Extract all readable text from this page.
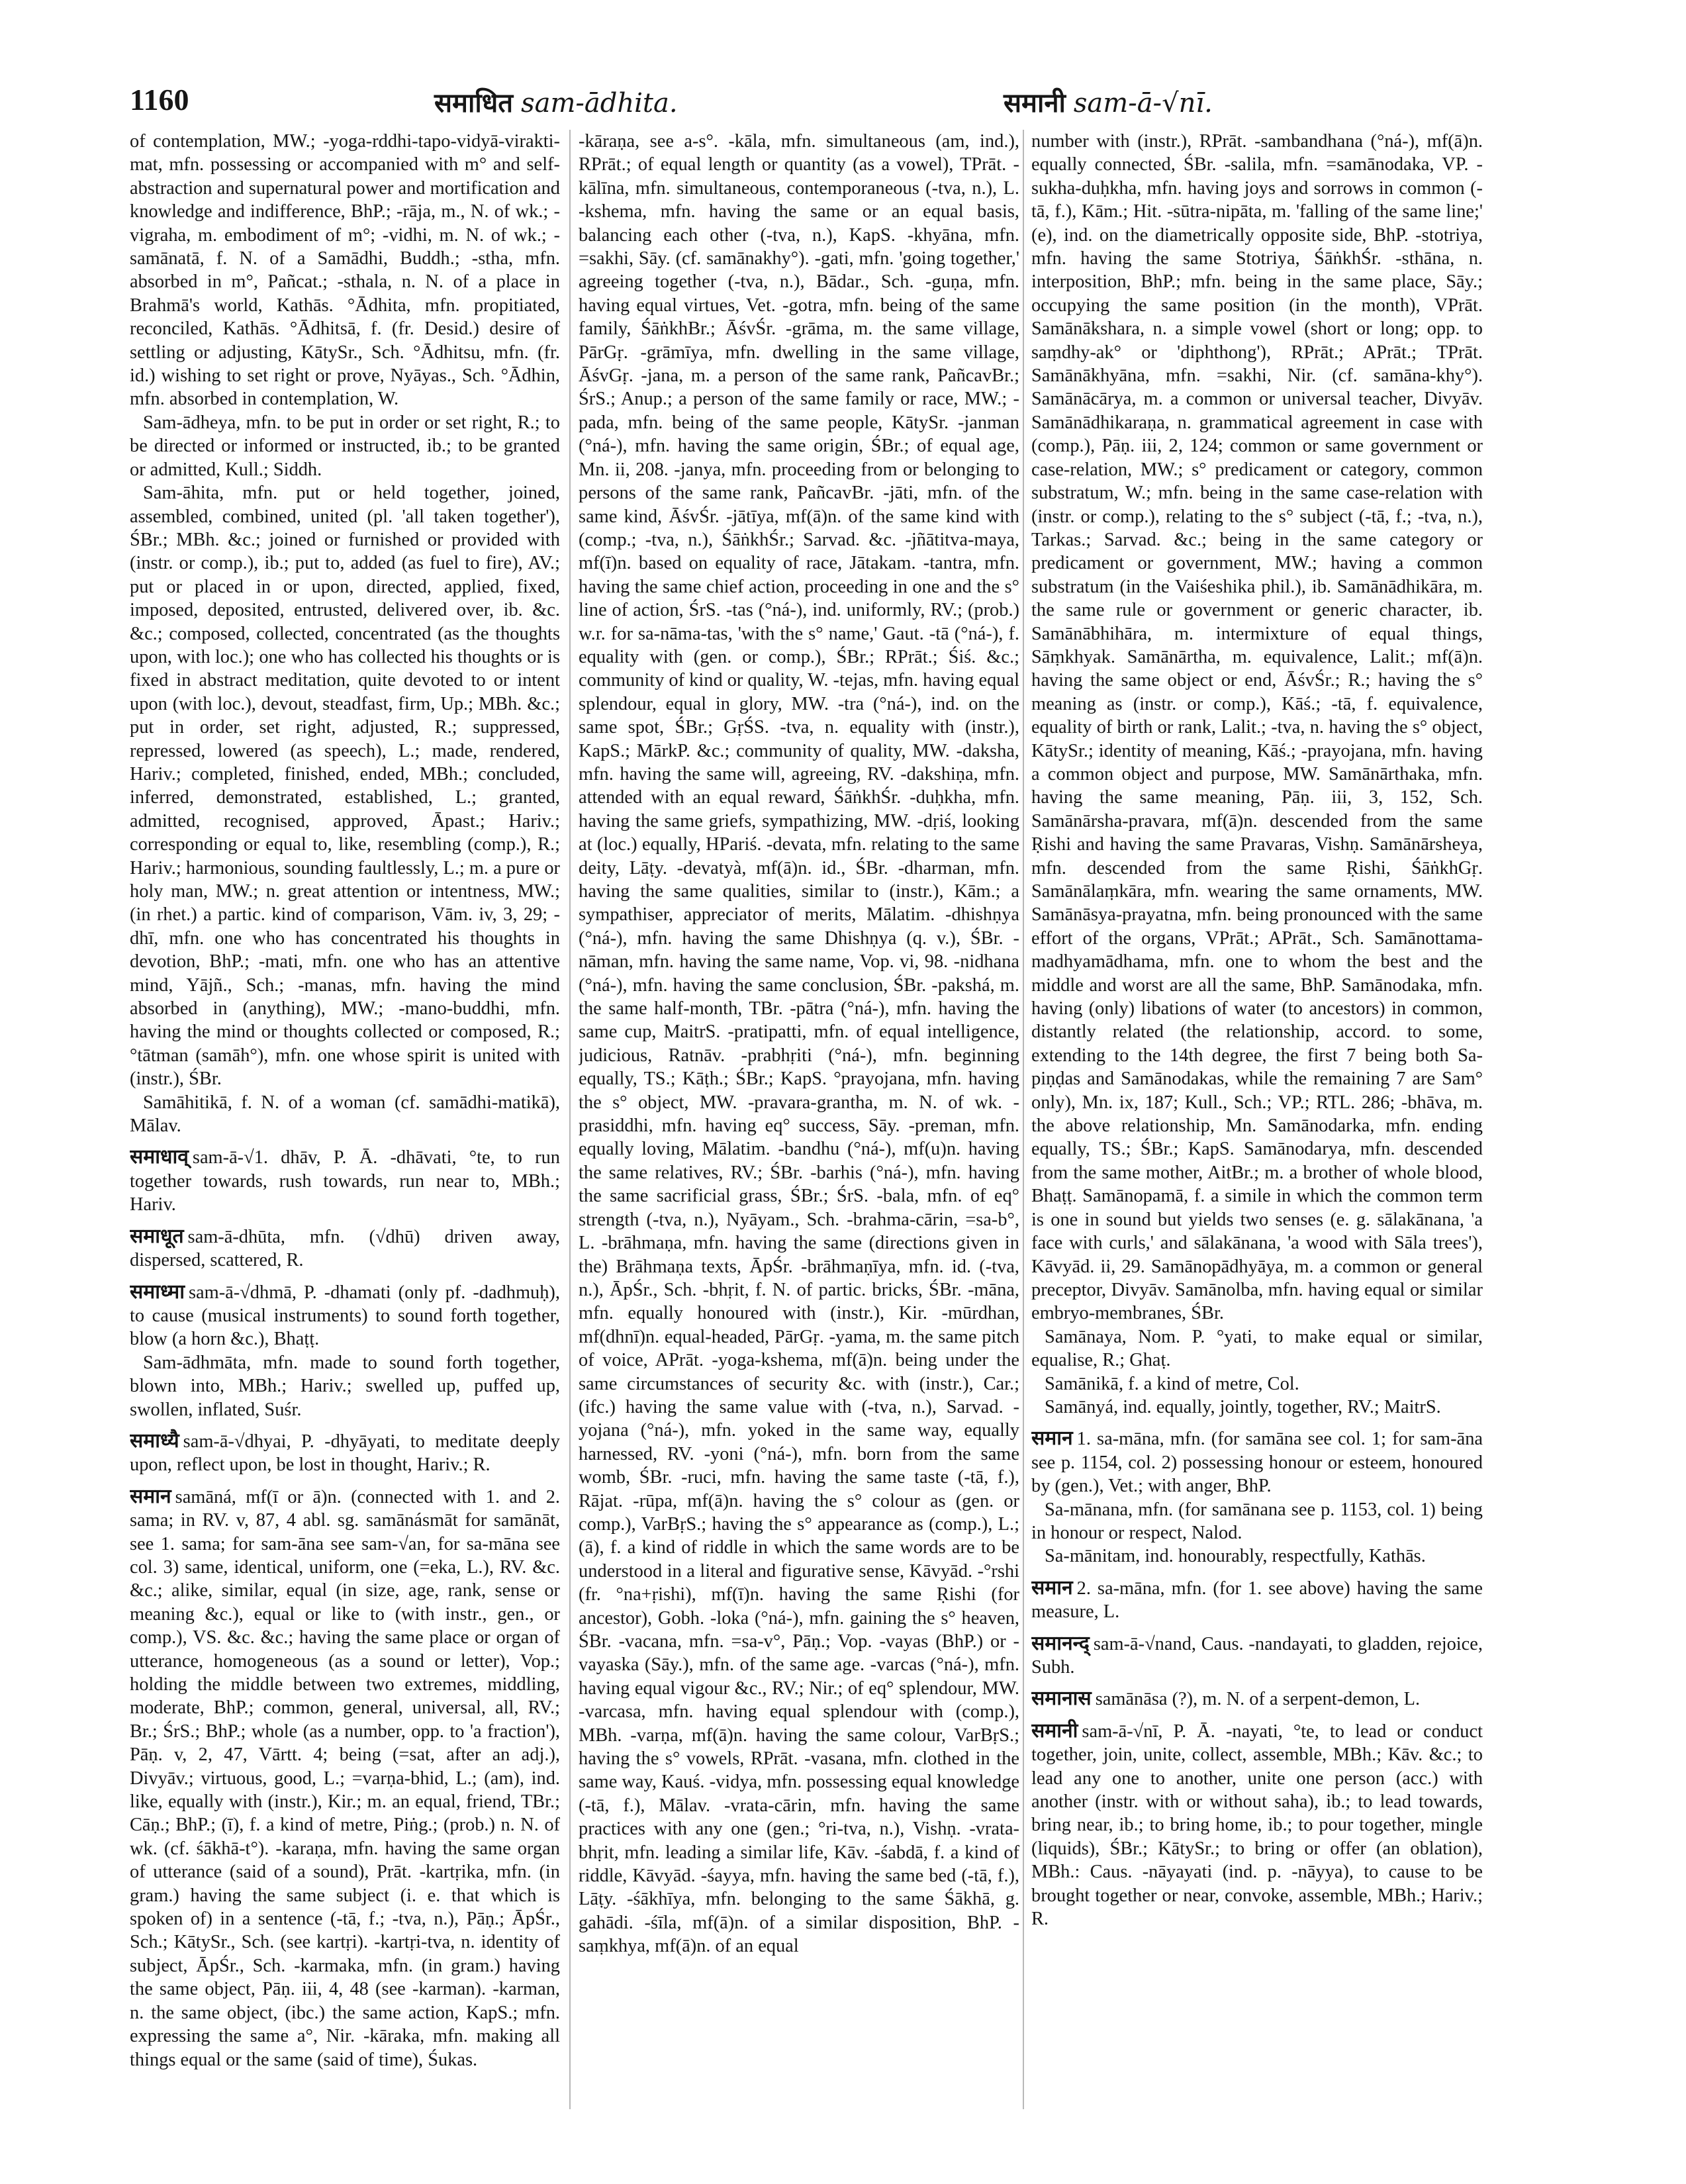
1160	समाधित sam-ādhita.	समानी sam-ā-√nī.

of contemplation, MW.; -yoga-rddhi-tapo-vidyā-virakti-mat, mfn. possessing or accompanied with m° and self-abstraction and supernatural power and mortification and knowledge and indifference, BhP.; -rāja, m., N. of wk.; -vigraha, m. embodiment of m°; -vidhi, m. N. of wk.; -samānatā, f. N. of a Samādhi, Buddh.; -stha, mfn. absorbed in m°, Pañcat.; -sthala, n. N. of a place in Brahmā's world, Kathās. °Ādhita, mfn. propitiated, reconciled, Kathās. °Ādhitsā, f. (fr. Desid.) desire of settling or adjusting, KātySr., Sch. °Ādhitsu, mfn. (fr. id.) wishing to set right or prove, Nyāyas., Sch. °Ādhin, mfn. absorbed in contemplation, W.

Sam-ādheya, mfn. to be put in order or set right, R.; to be directed or informed or instructed, ib.; to be granted or admitted, Kull.; Siddh.

Sam-āhita, mfn. put or held together, joined, assembled, combined, united (pl. 'all taken together'), ŚBr.; MBh. &c.; joined or furnished or provided with (instr. or comp.), ib.; put to, added (as fuel to fire), AV.; put or placed in or upon, directed, applied, fixed, imposed, deposited, entrusted, delivered over, ib. &c. &c.; composed, collected, concentrated (as the thoughts upon, with loc.); one who has collected his thoughts or is fixed in abstract meditation, quite devoted to or intent upon (with loc.), devout, steadfast, firm, Up.; MBh. &c.; put in order, set right, adjusted, R.; suppressed, repressed, lowered (as speech), L.; made, rendered, Hariv.; completed, finished, ended, MBh.; concluded, inferred, demonstrated, established, L.; granted, admitted, recognised, approved, Āpast.; Hariv.; corresponding or equal to, like, resembling (comp.), R.; Hariv.; harmonious, sounding faultlessly, L.; m. a pure or holy man, MW.; n. great attention or intentness, MW.; (in rhet.) a partic. kind of comparison, Vām. iv, 3, 29; -dhī, mfn. one who has concentrated his thoughts in devotion, BhP.; -mati, mfn. one who has an attentive mind, Yājñ., Sch.; -manas, mfn. having the mind absorbed in (anything), MW.; -mano-buddhi, mfn. having the mind or thoughts collected or composed, R.; °tātman (samāh°), mfn. one whose spirit is united with (instr.), ŚBr.

Samāhitikā, f. N. of a woman (cf. samādhi-matikā), Mālav.

समाधाव् sam-ā-√1. dhāv, P. Ā. -dhāvati, °te, to run together towards, rush towards, run near to, MBh.; Hariv.

समाधूत sam-ā-dhūta, mfn. (√dhū) driven away, dispersed, scattered, R.

समाध्मा sam-ā-√dhmā, P. -dhamati (only pf. -dadhmuḥ), to cause (musical instruments) to sound forth together, blow (a horn &c.), Bhaṭṭ.

Sam-ādhmāta, mfn. made to sound forth together, blown into, MBh.; Hariv.; swelled up, puffed up, swollen, inflated, Suśr.

समाध्यै sam-ā-√dhyai, P. -dhyāyati, to meditate deeply upon, reflect upon, be lost in thought, Hariv.; R.

समान samāná, mf(ī or ā)n. (connected with 1. and 2. sama; in RV. v, 87, 4 abl. sg. samānásmāt for samānāt, see 1. sama; for sam-āna see sam-√an, for sa-māna see col. 3) same, identical, uniform, one (=eka, L.), RV. &c. &c.; alike, similar, equal (in size, age, rank, sense or meaning &c.), equal or like to (with instr., gen., or comp.), VS. &c. &c.; having the same place or organ of utterance, homogeneous (as a sound or letter), Vop.; holding the middle between two extremes, middling, moderate, BhP.; common, general, universal, all, RV.; Br.; ŚrS.; BhP.; whole (as a number, opp. to 'a fraction'), Pāṇ. v, 2, 47, Vārtt. 4; being (=sat, after an adj.), Divyāv.; virtuous, good, L.; =varṇa-bhid, L.; (am), ind. like, equally with (instr.), Kir.; m. an equal, friend, TBr.; Cāṇ.; BhP.; (ī), f. a kind of metre, Piṅg.; (prob.) n. N. of wk. (cf. śākhā-t°). -karaṇa, mfn. having the same organ of utterance (said of a sound), Prāt. -kartṛika, mfn. (in gram.) having the same subject (i. e. that which is spoken of) in a sentence (-tā, f.; -tva, n.), Pāṇ.; ĀpŚr., Sch.; KātySr., Sch. (see kartṛi). -kartṛi-tva, n. identity of subject, ĀpŚr., Sch. -karmaka, mfn. (in gram.) having the same object, Pāṇ. iii, 4, 48 (see -karman). -karman, n. the same object, (ibc.) the same action, KapS.; mfn. expressing the same a°, Nir. -kāraka, mfn. making all things equal or the same (said of time), Śukas.

-kāraṇa, see a-s°. -kāla, mfn. simultaneous (am, ind.), RPrāt.; of equal length or quantity (as a vowel), TPrāt. -kālīna, mfn. simultaneous, contemporaneous (-tva, n.), L. -kshema, mfn. having the same or an equal basis, balancing each other (-tva, n.), KapS. -khyāna, mfn. =sakhi, Sāy. (cf. samānakhy°). -gati, mfn. 'going together,' agreeing together (-tva, n.), Bādar., Sch. -guṇa, mfn. having equal virtues, Vet. -gotra, mfn. being of the same family, ŚāṅkhBr.; ĀśvŚr. -grāma, m. the same village, PārGṛ. -grāmīya, mfn. dwelling in the same village, ĀśvGṛ. -jana, m. a person of the same rank, PañcavBr.; ŚrS.; Anup.; a person of the same family or race, MW.; -pada, mfn. being of the same people, KātySr. -janman (°ná-), mfn. having the same origin, ŚBr.; of equal age, Mn. ii, 208. -janya, mfn. proceeding from or belonging to persons of the same rank, PañcavBr. -jāti, mfn. of the same kind, ĀśvŚr. -jātīya, mf(ā)n. of the same kind with (comp.; -tva, n.), ŚāṅkhŚr.; Sarvad. &c. -jñātitva-maya, mf(ī)n. based on equality of race, Jātakam. -tantra, mfn. having the same chief action, proceeding in one and the s° line of action, ŚrS. -tas (°ná-), ind. uniformly, RV.; (prob.) w.r. for sa-nāma-tas, 'with the s° name,' Gaut. -tā (°ná-), f. equality with (gen. or comp.), ŚBr.; RPrāt.; Śiś. &c.; community of kind or quality, W. -tejas, mfn. having equal splendour, equal in glory, MW. -tra (°ná-), ind. on the same spot, ŚBr.; GṛŚS. -tva, n. equality with (instr.), KapS.; MārkP. &c.; community of quality, MW. -daksha, mfn. having the same will, agreeing, RV. -dakshiṇa, mfn. attended with an equal reward, ŚāṅkhŚr. -duḥkha, mfn. having the same griefs, sympathizing, MW. -dṛiś, looking at (loc.) equally, HPariś. -devata, mfn. relating to the same deity, Lāṭy. -devatyà, mf(ā)n. id., ŚBr. -dharman, mfn. having the same qualities, similar to (instr.), Kām.; a sympathiser, appreciator of merits, Mālatim. -dhishṇya (°ná-), mfn. having the same Dhishṇya (q. v.), ŚBr. -nāman, mfn. having the same name, Vop. vi, 98. -nidhana (°ná-), mfn. having the same conclusion, ŚBr. -pakshá, m. the same half-month, TBr. -pātra (°ná-), mfn. having the same cup, MaitrS. -pratipatti, mfn. of equal intelligence, judicious, Ratnāv. -prabhṛiti (°ná-), mfn. beginning equally, TS.; Kāṭh.; ŚBr.; KapS. °prayojana, mfn. having the s° object, MW. -pravara-grantha, m. N. of wk. -prasiddhi, mfn. having eq° success, Sāy. -preman, mfn. equally loving, Mālatim. -bandhu (°ná-), mf(u)n. having the same relatives, RV.; ŚBr. -barhis (°ná-), mfn. having the same sacrificial grass, ŚBr.; ŚrS. -bala, mfn. of eq° strength (-tva, n.), Nyāyam., Sch. -brahma-cārin, =sa-b°, L. -brāhmaṇa, mfn. having the same (directions given in the) Brāhmaṇa texts, ĀpŚr. -brāhmaṇīya, mfn. id. (-tva, n.), ĀpŚr., Sch. -bhṛit, f. N. of partic. bricks, ŚBr. -māna, mfn. equally honoured with (instr.), Kir. -mūrdhan, mf(dhnī)n. equal-headed, PārGṛ. -yama, m. the same pitch of voice, APrāt. -yoga-kshema, mf(ā)n. being under the same circumstances of security &c. with (instr.), Car.; (ifc.) having the same value with (-tva, n.), Sarvad. -yojana (°ná-), mfn. yoked in the same way, equally harnessed, RV. -yoni (°ná-), mfn. born from the same womb, ŚBr. -ruci, mfn. having the same taste (-tā, f.), Rājat. -rūpa, mf(ā)n. having the s° colour as (gen. or comp.), VarBṛS.; having the s° appearance as (comp.), L.; (ā), f. a kind of riddle in which the same words are to be understood in a literal and figurative sense, Kāvyād. -°rshi (fr. °na+ṛishi), mf(ī)n. having the same Ṛishi (for ancestor), Gobh. -loka (°ná-), mfn. gaining the s° heaven, ŚBr. -vacana, mfn. =sa-v°, Pāṇ.; Vop. -vayas (BhP.) or -vayaska (Sāy.), mfn. of the same age. -varcas (°ná-), mfn. having equal vigour &c., RV.; Nir.; of eq° splendour, MW. -varcasa, mfn. having equal splendour with (comp.), MBh. -varṇa, mf(ā)n. having the same colour, VarBṛS.; having the s° vowels, RPrāt. -vasana, mfn. clothed in the same way, Kauś. -vidya, mfn. possessing equal knowledge (-tā, f.), Mālav. -vrata-cārin, mfn. having the same practices with any one (gen.; °ri-tva, n.), Vishṇ. -vrata-bhṛit, mfn. leading a similar life, Kāv. -śabdā, f. a kind of riddle, Kāvyād. -śayya, mfn. having the same bed (-tā, f.), Lāṭy. -śākhīya, mfn. belonging to the same Śākhā, g. gahādi. -śīla, mf(ā)n. of a similar disposition, BhP. -saṃkhya, mf(ā)n. of an equal

number with (instr.), RPrāt. -sambandhana (°ná-), mf(ā)n. equally connected, ŚBr. -salila, mfn. =samānodaka, VP. -sukha-duḥkha, mfn. having joys and sorrows in common (-tā, f.), Kām.; Hit. -sūtra-nipāta, m. 'falling of the same line;' (e), ind. on the diametrically opposite side, BhP. -stotriya, mfn. having the same Stotriya, ŚāṅkhŚr. -sthāna, n. interposition, BhP.; mfn. being in the same place, Sāy.; occupying the same position (in the month), VPrāt. Samānākshara, n. a simple vowel (short or long; opp. to saṃdhy-ak° or 'diphthong'), RPrāt.; APrāt.; TPrāt. Samānākhyāna, mfn. =sakhi, Nir. (cf. samāna-khy°). Samānācārya, m. a common or universal teacher, Divyāv. Samānādhikaraṇa, n. grammatical agreement in case with (comp.), Pāṇ. iii, 2, 124; common or same government or case-relation, MW.; s° predicament or category, common substratum, W.; mfn. being in the same case-relation with (instr. or comp.), relating to the s° subject (-tā, f.; -tva, n.), Tarkas.; Sarvad. &c.; being in the same category or predicament or government, MW.; having a common substratum (in the Vaiśeshika phil.), ib. Samānādhikāra, m. the same rule or government or generic character, ib. Samānābhihāra, m. intermixture of equal things, Sāṃkhyak. Samānārtha, m. equivalence, Lalit.; mf(ā)n. having the same object or end, ĀśvŚr.; R.; having the s° meaning as (instr. or comp.), Kāś.; -tā, f. equivalence, equality of birth or rank, Lalit.; -tva, n. having the s° object, KātySr.; identity of meaning, Kāś.; -prayojana, mfn. having a common object and purpose, MW. Samānārthaka, mfn. having the same meaning, Pāṇ. iii, 3, 152, Sch. Samānārsha-pravara, mf(ā)n. descended from the same Ṛishi and having the same Pravaras, Vishṇ. Samānārsheya, mfn. descended from the same Ṛishi, ŚāṅkhGṛ. Samānālaṃkāra, mfn. wearing the same ornaments, MW. Samānāsya-prayatna, mfn. being pronounced with the same effort of the organs, VPrāt.; APrāt., Sch. Samānottama-madhyamādhama, mfn. one to whom the best and the middle and worst are all the same, BhP. Samānodaka, mfn. having (only) libations of water (to ancestors) in common, distantly related (the relationship, accord. to some, extending to the 14th degree, the first 7 being both Sa-piṇḍas and Samānodakas, while the remaining 7 are Sam° only), Mn. ix, 187; Kull., Sch.; VP.; RTL. 286; -bhāva, m. the above relationship, Mn. Samānodarka, mfn. ending equally, TS.; ŚBr.; KapS. Samānodarya, mfn. descended from the same mother, AitBr.; m. a brother of whole blood, Bhaṭṭ. Samānopamā, f. a simile in which the common term is one in sound but yields two senses (e. g. sālakānana, 'a face with curls,' and sālakānana, 'a wood with Sāla trees'), Kāvyād. ii, 29. Samānopādhyāya, m. a common or general preceptor, Divyāv. Samānolba, mfn. having equal or similar embryo-membranes, ŚBr.

Samānaya, Nom. P. °yati, to make equal or similar, equalise, R.; Ghaṭ.

Samānikā, f. a kind of metre, Col.

Samānyá, ind. equally, jointly, together, RV.; MaitrS.

समान 1. sa-māna, mfn. (for samāna see col. 1; for sam-āna see p. 1154, col. 2) possessing honour or esteem, honoured by (gen.), Vet.; with anger, BhP.

Sa-mānana, mfn. (for samānana see p. 1153, col. 1) being in honour or respect, Nalod.

Sa-mānitam, ind. honourably, respectfully, Kathās.

समान 2. sa-māna, mfn. (for 1. see above) having the same measure, L.

समानन्द् sam-ā-√nand, Caus. -nandayati, to gladden, rejoice, Subh.

समानास samānāsa (?), m. N. of a serpent-demon, L.

समानी sam-ā-√nī, P. Ā. -nayati, °te, to lead or conduct together, join, unite, collect, assemble, MBh.; Kāv. &c.; to lead any one to another, unite one person (acc.) with another (instr. with or without saha), ib.; to lead towards, bring near, ib.; to bring home, ib.; to pour together, mingle (liquids), ŚBr.; KātySr.; to bring or offer (an oblation), MBh.: Caus. -nāyayati (ind. p. -nāyya), to cause to be brought together or near, convoke, assemble, MBh.; Hariv.; R.
